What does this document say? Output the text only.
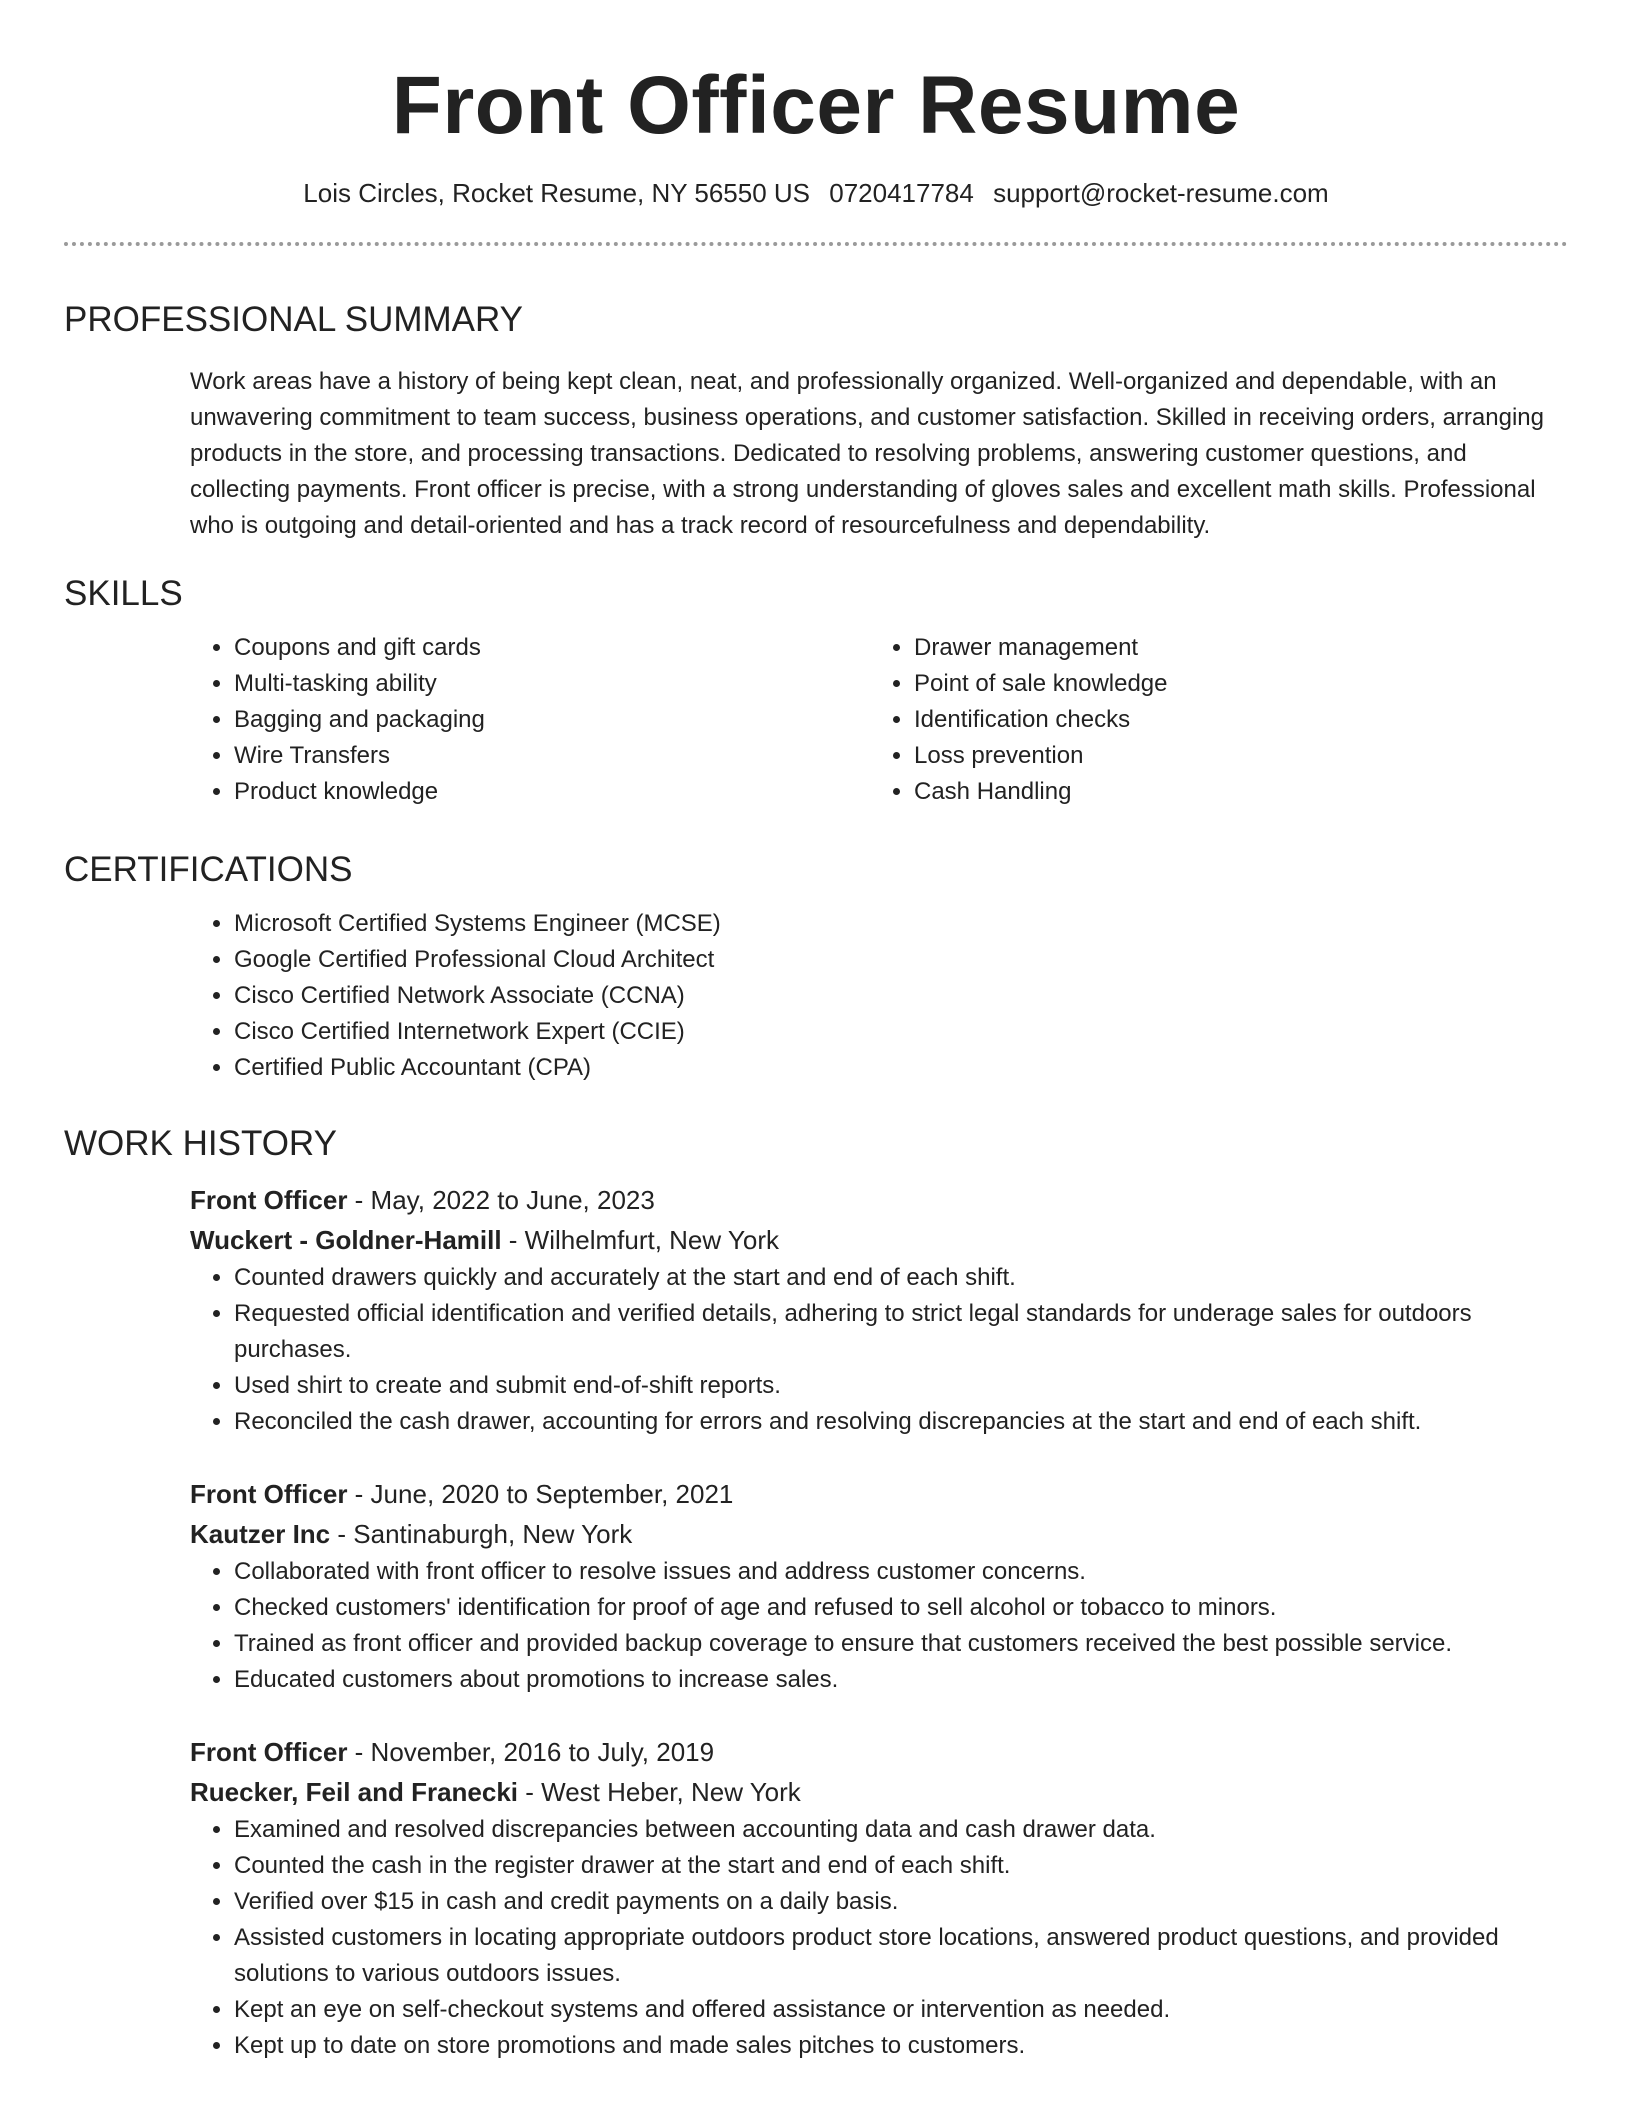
Front Officer Resume
Lois Circles, Rocket Resume, NY 56550 US 0720417784 support@rocket-resume.com
PROFESSIONAL SUMMARY

Work areas have a history of being kept clean, neat, and professionally organized. Well-organized and dependable, with an unwavering commitment to team success, business operations, and customer satisfaction. Skilled in receiving orders, arranging products in the store, and processing transactions. Dedicated to resolving problems, answering customer questions, and collecting payments. Front officer is precise, with a strong understanding of gloves sales and excellent math skills. Professional who is outgoing and detail-oriented and has a track record of resourcefulness and dependability.

SKILLS
• Coupons and gift cards
• Multi-tasking ability
• Bagging and packaging
• Wire Transfers
• Product knowledge
• Drawer management
• Point of sale knowledge
• Identification checks
• Loss prevention
• Cash Handling
CERTIFICATIONS
• Microsoft Certified Systems Engineer (MCSE)
• Google Certified Professional Cloud Architect
• Cisco Certified Network Associate (CCNA)
• Cisco Certified Internetwork Expert (CCIE)
• Certified Public Accountant (CPA)
WORK HISTORY

Front Officer - May, 2022 to June, 2023

Wuckert - Goldner-Hamill - Wilhelmfurt, New York

• Counted drawers quickly and accurately at the start and end of each shift.
• Requested official identification and verified details, adhering to strict legal standards for underage sales for outdoors purchases.
• Used shirt to create and submit end-of-shift reports.
• Reconciled the cash drawer, accounting for errors and resolving discrepancies at the start and end of each shift.

Front Officer - June, 2020 to September, 2021

Kautzer Inc - Santinaburgh, New York

• Collaborated with front officer to resolve issues and address customer concerns.
• Checked customers' identification for proof of age and refused to sell alcohol or tobacco to minors.
• Trained as front officer and provided backup coverage to ensure that customers received the best possible service.
• Educated customers about promotions to increase sales.

Front Officer - November, 2016 to July, 2019

Ruecker, Feil and Franecki - West Heber, New York

• Examined and resolved discrepancies between accounting data and cash drawer data.
• Counted the cash in the register drawer at the start and end of each shift.
• Verified over $15 in cash and credit payments on a daily basis.
• Assisted customers in locating appropriate outdoors product store locations, answered product questions, and provided solutions to various outdoors issues.
• Kept an eye on self-checkout systems and offered assistance or intervention as needed.
• Kept up to date on store promotions and made sales pitches to customers.
